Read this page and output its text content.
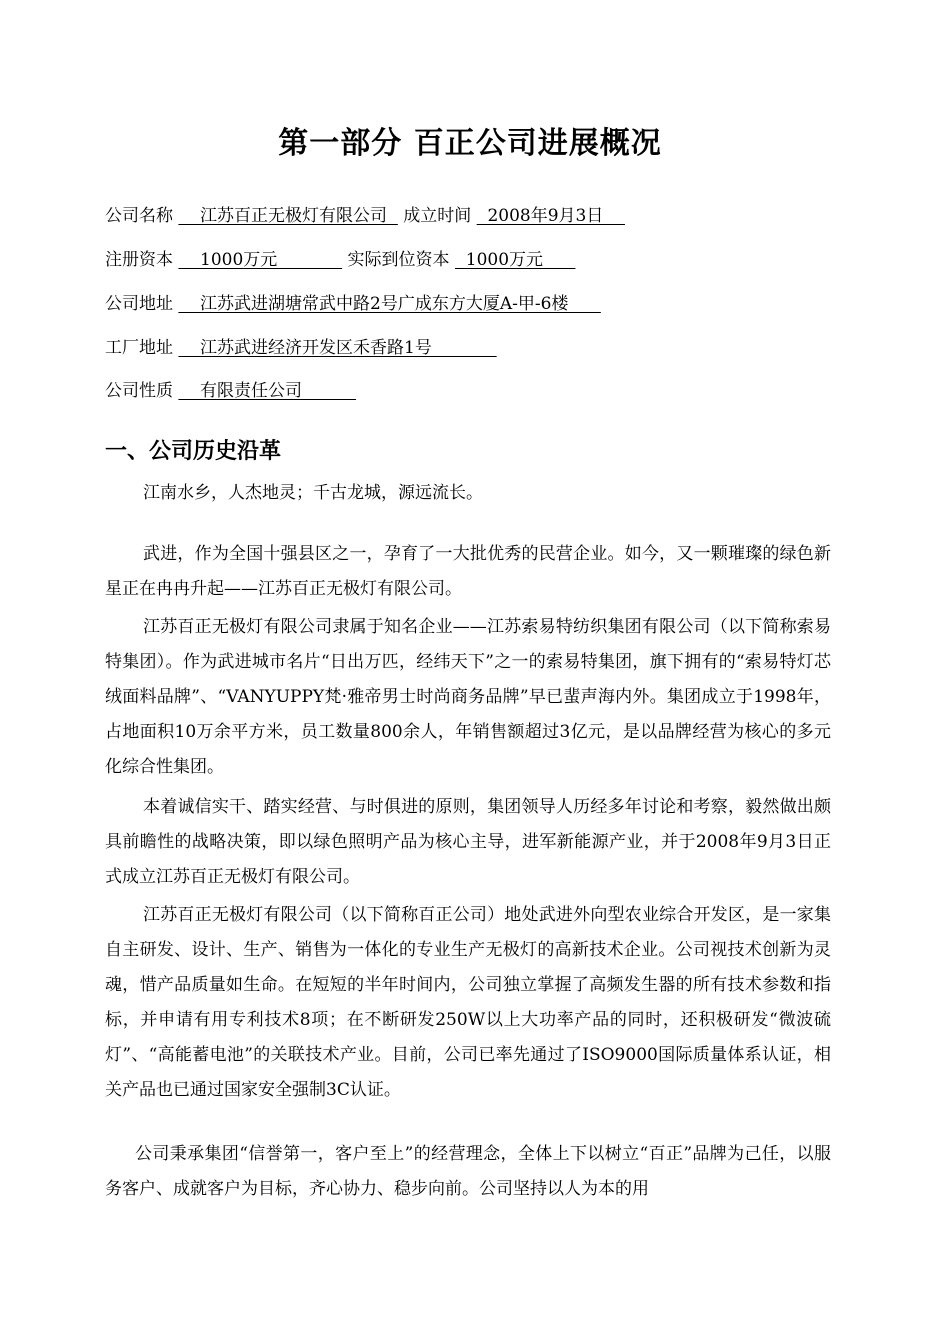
第一部分 百正公司进展概况
公司名称     江苏百正无极灯有限公司   成立时间   2008年9月3日
注册资本     1000万元             实际到位资本   1000万元
公司地址     江苏武进湖塘常武中路2号广成东方大厦A-甲-6楼
工厂地址     江苏武进经济开发区禾香路1号
公司性质     有限责任公司
一、公司历史沿革

江南水乡，人杰地灵；千古龙城，源远流长。

武进，作为全国十强县区之一，孕育了一大批优秀的民营企业。如今，又一颗璀璨的绿色新星正在冉冉升起——江苏百正无极灯有限公司。

江苏百正无极灯有限公司隶属于知名企业——江苏索易特纺织集团有限公司（以下简称索易特集团）。作为武进城市名片“日出万匹，经纬天下”之一的索易特集团，旗下拥有的“索易特灯芯绒面料品牌”、“VANYUPPY梵·雅帝男士时尚商务品牌”早已蜚声海内外。集团成立于1998年，占地面积10万余平方米，员工数量800余人，年销售额超过3亿元，是以品牌经营为核心的多元化综合性集团。

本着诚信实干、踏实经营、与时俱进的原则，集团领导人历经多年讨论和考察，毅然做出颇具前瞻性的战略决策，即以绿色照明产品为核心主导，进军新能源产业，并于2008年9月3日正式成立江苏百正无极灯有限公司。

江苏百正无极灯有限公司（以下简称百正公司）地处武进外向型农业综合开发区，是一家集自主研发、设计、生产、销售为一体化的专业生产无极灯的高新技术企业。公司视技术创新为灵魂，惜产品质量如生命。在短短的半年时间内，公司独立掌握了高频发生器的所有技术参数和指标，并申请有用专利技术8项；在不断研发250W以上大功率产品的同时，还积极研发“微波硫灯”、“高能蓄电池”的关联技术产业。目前，公司已率先通过了ISO9000国际质量体系认证，相关产品也已通过国家安全强制3C认证。

公司秉承集团“信誉第一，客户至上”的经营理念，全体上下以树立“百正”品牌为己任，以服务客户、成就客户为目标，齐心协力、稳步向前。公司坚持以人为本的用
